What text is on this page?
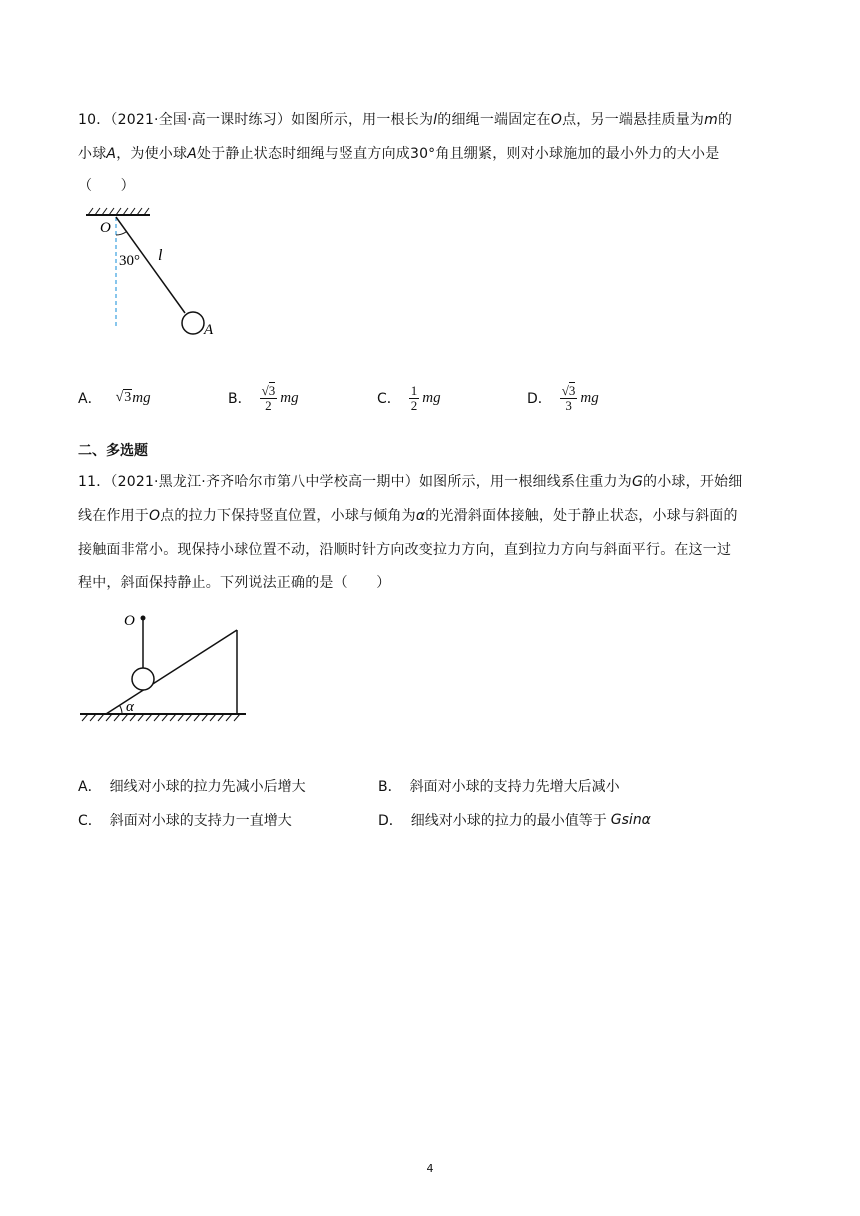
10．（2021·全国·高一课时练习）如图所示，用一根长为l的细绳一端固定在O点，另一端悬挂质量为m的
小球A，为使小球A处于静止状态时细绳与竖直方向成30°角且绷紧，则对小球施加的最小外力的大小是
（　　）
O
30° l
A
A． √3 mg	B． $\frac{√3}{2}$ mg	C． $\frac{1}{2}$ mg	D． $\frac{√3}{3}$ mg
二、多选题
11．（2021·黑龙江·齐齐哈尔市第八中学校高一期中）如图所示，用一根细线系住重力为G的小球，开始细
线在作用于O点的拉力下保持竖直位置，小球与倾角为α的光滑斜面体接触，处于静止状态，小球与斜面的
接触面非常小。现保持小球位置不动，沿顺时针方向改变拉力方向，直到拉力方向与斜面平行。在这一过
程中，斜面保持静止。下列说法正确的是（　　）
O
α
A． 细线对小球的拉力先减小后增大	B． 斜面对小球的支持力先增大后减小
C． 斜面对小球的支持力一直增大	D． 细线对小球的拉力的最小值等于 Gsinα
4
